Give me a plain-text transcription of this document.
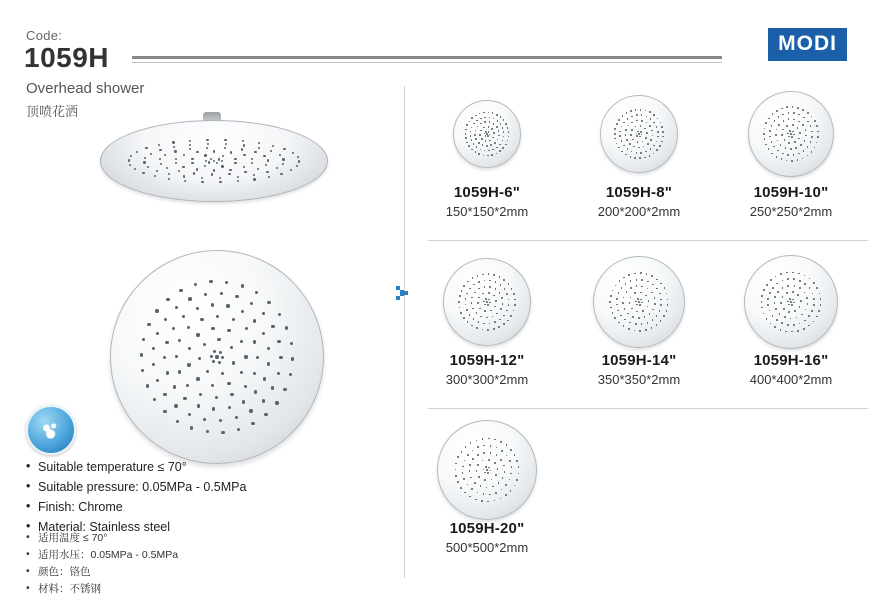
Code:
1059H
Overhead shower
顶喷花洒
MODI
• Suitable temperature ≤ 70°
• Suitable pressure: 0.05MPa - 0.5MPa
• Finish: Chrome
• Material: Stainless steel
• 适用温度 ≤ 70°
• 适用水压：0.05MPa - 0.5MPa
• 颜色：铬色
• 材料：不锈钢
1059H-6"
150*150*2mm
1059H-8"
200*200*2mm
1059H-10"
250*250*2mm
1059H-12"
300*300*2mm
1059H-14"
350*350*2mm
1059H-16"
400*400*2mm
1059H-20"
500*500*2mm
